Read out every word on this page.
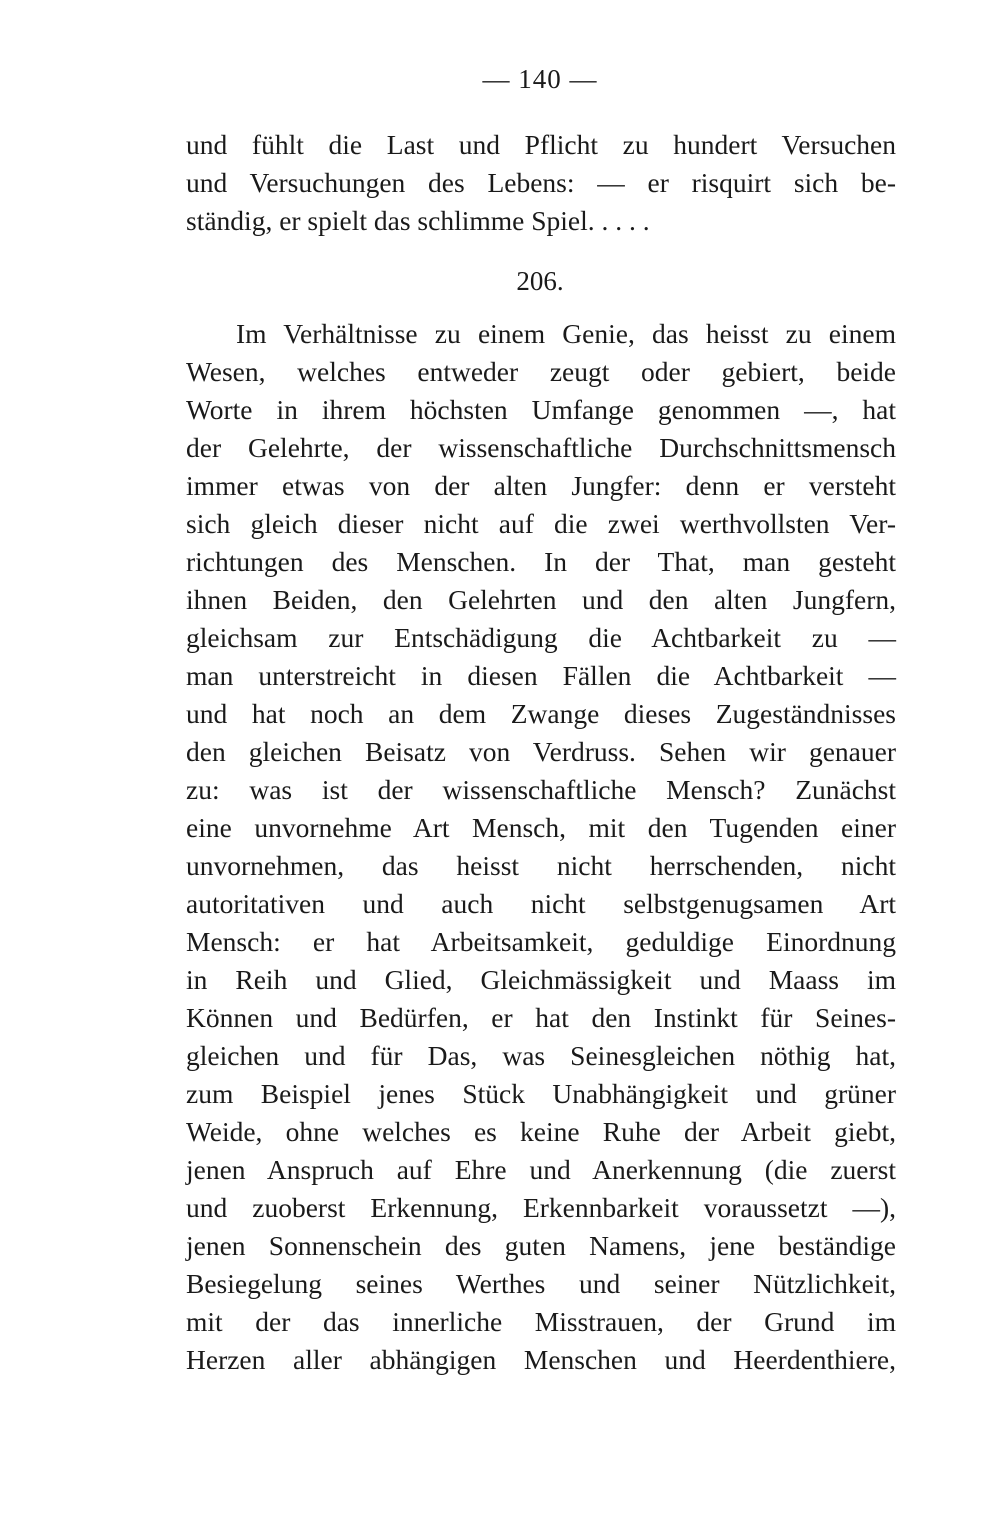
— 140 —
und fühlt die Last und Pflicht zu hundert Versuchen
und Versuchungen des Lebens: — er risquirt sich be-
ständig, er spielt das schlimme Spiel. . . . .
206.
Im Verhältnisse zu einem Genie, das heisst zu einem
Wesen, welches entweder zeugt oder gebiert, beide
Worte in ihrem höchsten Umfange genommen —, hat
der Gelehrte, der wissenschaftliche Durchschnittsmensch
immer etwas von der alten Jungfer: denn er versteht
sich gleich dieser nicht auf die zwei werthvollsten Ver-
richtungen des Menschen. In der That, man gesteht
ihnen Beiden, den Gelehrten und den alten Jungfern,
gleichsam zur Entschädigung die Achtbarkeit zu —
man unterstreicht in diesen Fällen die Achtbarkeit —
und hat noch an dem Zwange dieses Zugeständnisses
den gleichen Beisatz von Verdruss. Sehen wir genauer
zu: was ist der wissenschaftliche Mensch? Zunächst
eine unvornehme Art Mensch, mit den Tugenden einer
unvornehmen, das heisst nicht herrschenden, nicht
autoritativen und auch nicht selbstgenugsamen Art
Mensch: er hat Arbeitsamkeit, geduldige Einordnung
in Reih und Glied, Gleichmässigkeit und Maass im
Können und Bedürfen, er hat den Instinkt für Seines-
gleichen und für Das, was Seinesgleichen nöthig hat,
zum Beispiel jenes Stück Unabhängigkeit und grüner
Weide, ohne welches es keine Ruhe der Arbeit giebt,
jenen Anspruch auf Ehre und Anerkennung (die zuerst
und zuoberst Erkennung, Erkennbarkeit voraussetzt —),
jenen Sonnenschein des guten Namens, jene beständige
Besiegelung seines Werthes und seiner Nützlichkeit,
mit der das innerliche Misstrauen, der Grund im
Herzen aller abhängigen Menschen und Heerdenthiere,
